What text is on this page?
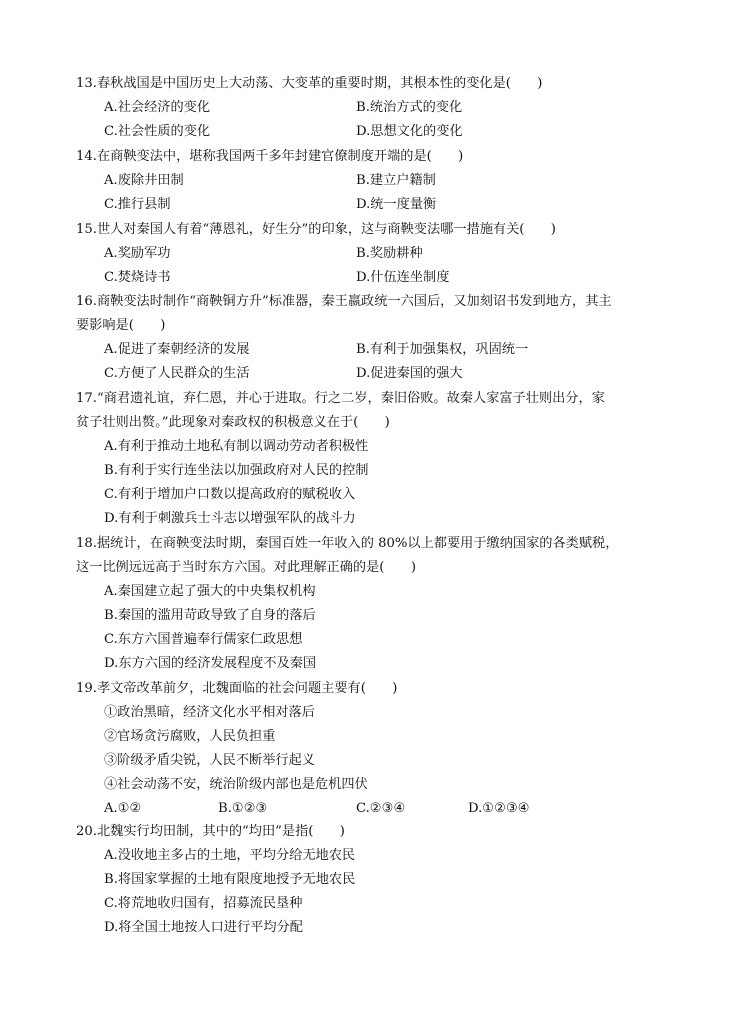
13.春秋战国是中国历史上大动荡、大变革的重要时期，其根本性的变化是(　　)
A.社会经济的变化	B.统治方式的变化
C.社会性质的变化	D.思想文化的变化
14.在商鞅变法中，堪称我国两千多年封建官僚制度开端的是(　　)
A.废除井田制	B.建立户籍制
C.推行县制	D.统一度量衡
15.世人对秦国人有着“薄恩礼，好生分”的印象，这与商鞅变法哪一措施有关(　　)
A.奖励军功	B.奖励耕种
C.焚烧诗书	D.什伍连坐制度
16.商鞅变法时制作“商鞅铜方升”标准器，秦王嬴政统一六国后，又加刻诏书发到地方，其主
要影响是(　　)
A.促进了秦朝经济的发展	B.有利于加强集权，巩固统一
C.方便了人民群众的生活	D.促进秦国的强大
17.“商君遗礼谊，弃仁恩，并心于进取。行之二岁，秦旧俗败。故秦人家富子壮则出分，家
贫子壮则出赘。”此现象对秦政权的积极意义在于(　　)
A.有利于推动土地私有制以调动劳动者积极性
B.有利于实行连坐法以加强政府对人民的控制
C.有利于增加户口数以提高政府的赋税收入
D.有利于刺激兵士斗志以增强军队的战斗力
18.据统计，在商鞅变法时期，秦国百姓一年收入的 80%以上都要用于缴纳国家的各类赋税，
这一比例远远高于当时东方六国。对此理解正确的是(　　)
A.秦国建立起了强大的中央集权机构
B.秦国的滥用苛政导致了自身的落后
C.东方六国普遍奉行儒家仁政思想
D.东方六国的经济发展程度不及秦国
19.孝文帝改革前夕，北魏面临的社会问题主要有(　　)
①政治黑暗，经济文化水平相对落后
②官场贪污腐败，人民负担重
③阶级矛盾尖锐，人民不断举行起义
④社会动荡不安，统治阶级内部也是危机四伏
A.①②	B.①②③	C.②③④	D.①②③④
20.北魏实行均田制，其中的“均田”是指(　　)
A.没收地主多占的土地，平均分给无地农民
B.将国家掌握的土地有限度地授予无地农民
C.将荒地收归国有，招募流民垦种
D.将全国土地按人口进行平均分配
